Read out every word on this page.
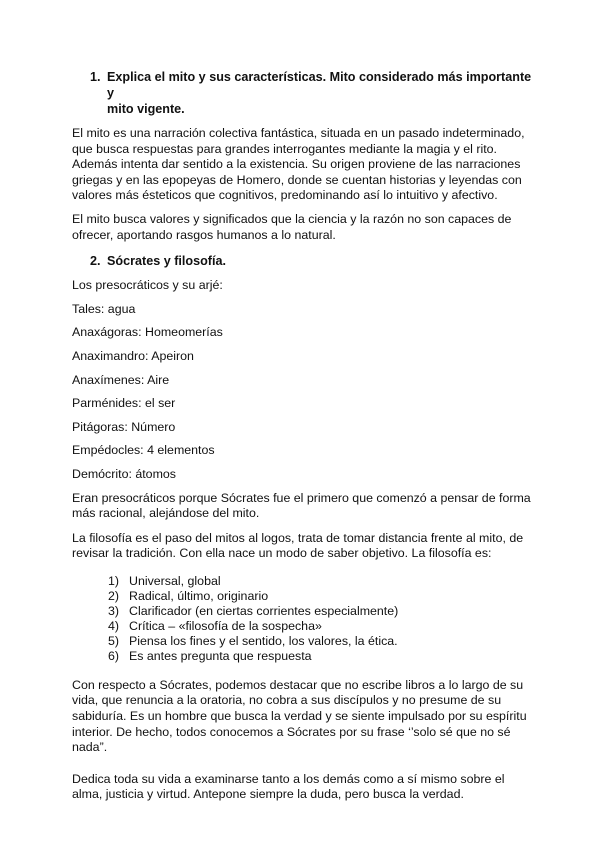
1. Explica el mito y sus características. Mito considerado más importante y
mito vigente.

El mito es una narración colectiva fantástica, situada en un pasado indeterminado,
que busca respuestas para grandes interrogantes mediante la magia y el rito.
Además intenta dar sentido a la existencia. Su origen proviene de las narraciones
griegas y en las epopeyas de Homero, donde se cuentan historias y leyendas con
valores más ésteticos que cognitivos, predominando así lo intuitivo y afectivo.

El mito busca valores y significados que la ciencia y la razón no son capaces de
ofrecer, aportando rasgos humanos a lo natural.

2. Sócrates y filosofía.

Los presocráticos y su arjé:

Tales: agua

Anaxágoras: Homeomerías

Anaximandro: Apeiron

Anaxímenes: Aire

Parménides: el ser

Pitágoras: Número

Empédocles: 4 elementos

Demócrito: átomos

Eran presocráticos porque Sócrates fue el primero que comenzó a pensar de forma
más racional, alejándose del mito.

La filosofía es el paso del mitos al logos, trata de tomar distancia frente al mito, de
revisar la tradición. Con ella nace un modo de saber objetivo. La filosofía es:

1) Universal, global
2) Radical, último, originario
3) Clarificador (en ciertas corrientes especialmente)
4) Crítica – «filosofía de la sospecha»
5) Piensa los fines y el sentido, los valores, la ética.
6) Es antes pregunta que respuesta

Con respecto a Sócrates, podemos destacar que no escribe libros a lo largo de su
vida, que renuncia a la oratoria, no cobra a sus discípulos y no presume de su
sabiduría. Es un hombre que busca la verdad y se siente impulsado por su espíritu
interior. De hecho, todos conocemos a Sócrates por su frase ‘’solo sé que no sé
nada”.

Dedica toda su vida a examinarse tanto a los demás como a sí mismo sobre el
alma, justicia y virtud. Antepone siempre la duda, pero busca la verdad.
